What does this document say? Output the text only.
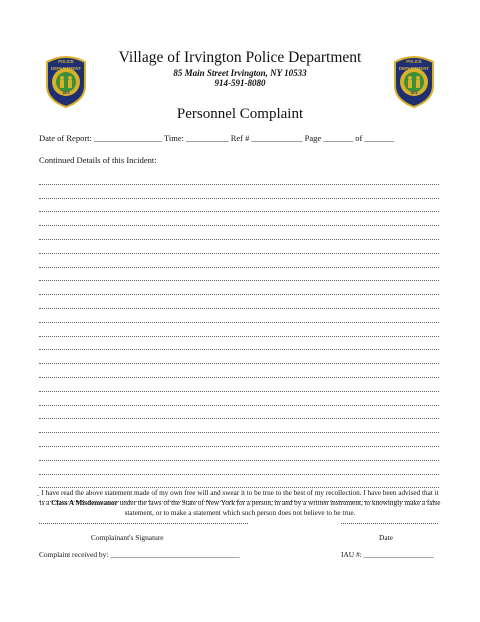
POLICE
DEPARTMENT
1872
POLICE
DEPARTMENT
1872
Village of Irvington Police Department
85 Main Street Irvington, NY 10533
914-591-8080
Personnel Complaint
Date of Report: ________________ Time: __________ Ref # ____________ Page _______ of _______
Continued Details of this Incident:
. I have read the above statement made of my own free will and swear it to be true to the best of my recollection. I have been advised that it is a Class A Misdemeanor under the laws of the State of New York for a person, in and by a written instrument, to knowingly make a false statement, or to make a statement which such person does not believe to be true.
Complainant's Signature	Date
Complaint received by: ___________________________________	IAU #: ___________________
